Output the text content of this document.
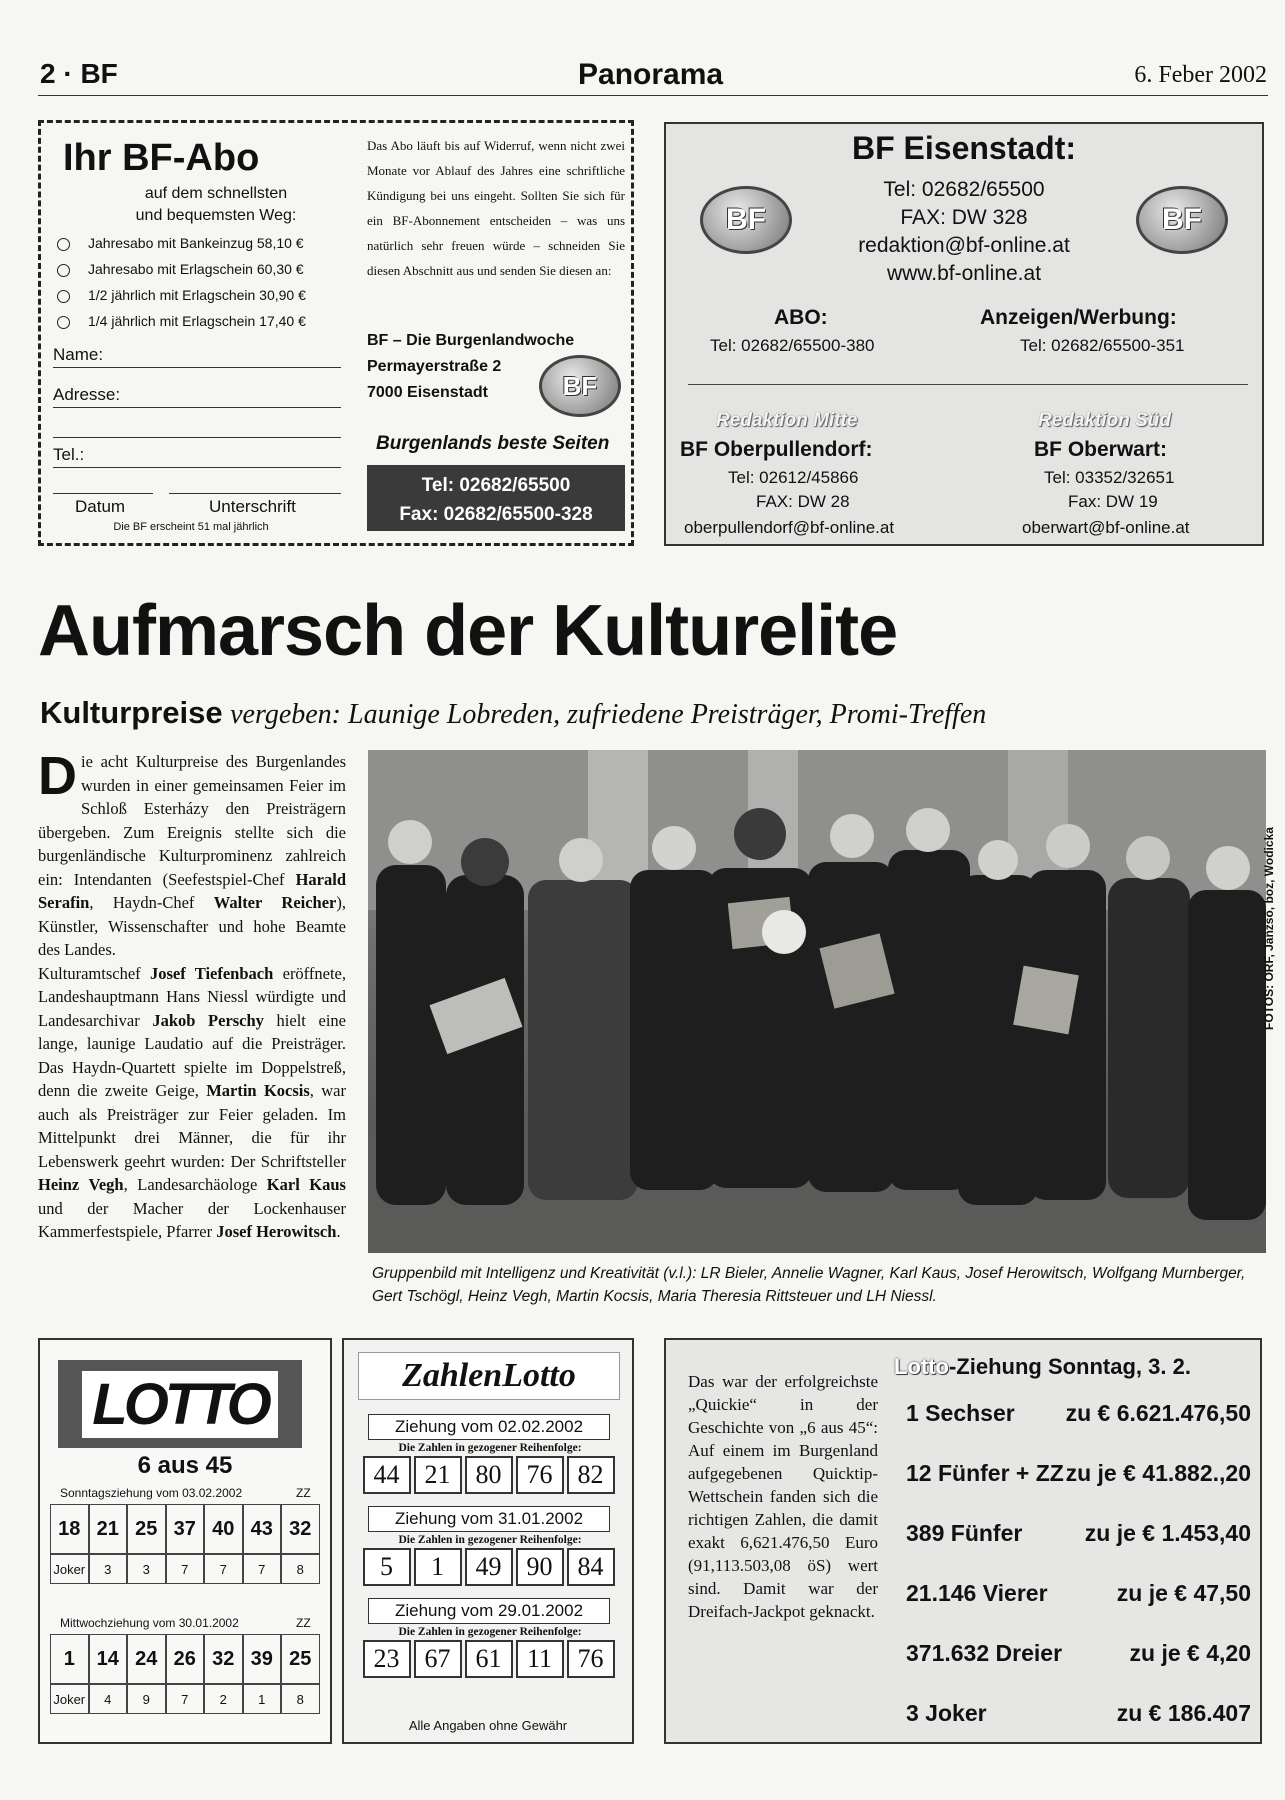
2 · BF	Panorama	6. Feber 2002
Ihr BF-Abo
auf dem schnellsten
und bequemsten Weg:
Jahresabo mit Bankeinzug 58,10 €
Jahresabo mit Erlagschein 60,30 €
1/2 jährlich mit Erlagschein 30,90 €
1/4 jährlich mit Erlagschein 17,40 €
Name:
Adresse:
Tel.:
Datum	Unterschrift
Die BF erscheint 51 mal jährlich
Das Abo läuft bis auf Widerruf, wenn nicht zwei Monate vor Ablauf des Jahres eine schriftliche Kündigung bei uns eingeht. Sollten Sie sich für ein BF-Abonnement entscheiden – was uns natürlich sehr freuen würde – schneiden Sie diesen Abschnitt aus und senden Sie diesen an:
BF – Die Burgenlandwoche
Permayerstraße 2
7000 Eisenstadt	BF
Burgenlands beste Seiten
Tel: 02682/65500
Fax: 02682/65500-328
BF Eisenstadt:
BF	BF
Tel: 02682/65500
FAX: DW 328
redaktion@bf-online.at
www.bf-online.at
ABO:
Tel: 02682/65500-380
Anzeigen/Werbung:
Tel: 02682/65500-351
Redaktion Mitte
BF Oberpullendorf:
Tel: 02612/45866
FAX: DW 28
oberpullendorf@bf-online.at
Redaktion Süd
BF Oberwart:
Tel: 03352/32651
Fax: DW 19
oberwart@bf-online.at
Aufmarsch der Kulturelite
Kulturpreise vergeben: Launige Lobreden, zufriedene Preisträger, Promi-Treffen
Die acht Kulturpreise des Burgenlandes wurden in einer gemeinsamen Feier im Schloß Esterházy den Preisträgern übergeben. Zum Ereignis stellte sich die burgenländische Kulturprominenz zahlreich ein: Intendanten (Seefestspiel-Chef Harald Serafin, Haydn-Chef Walter Reicher), Künstler, Wissenschafter und hohe Beamte des Landes.
Kulturamtschef Josef Tiefenbach eröffnete, Landeshauptmann Hans Niessl würdigte und Landesarchivar Jakob Perschy hielt eine lange, launige Laudatio auf die Preisträger. Das Haydn-Quartett spielte im Doppelstreß, denn die zweite Geige, Martin Kocsis, war auch als Preisträger zur Feier geladen. Im Mittelpunkt drei Männer, die für ihr Lebenswerk geehrt wurden: Der Schriftsteller Heinz Vegh, Landesarchäologe Karl Kaus und der Macher der Lockenhauser Kammerfestspiele, Pfarrer Josef Herowitsch.
FOTOS: ORF, Janzso, boz, Wodicka
Gruppenbild mit Intelligenz und Kreativität (v.l.): LR Bieler, Annelie Wagner, Karl Kaus, Josef Herowitsch, Wolfgang Murnberger, Gert Tschögl, Heinz Vegh, Martin Kocsis, Maria Theresia Rittsteuer und LH Niessl.
LOTTO
6 aus 45
Sonntagsziehung vom 03.02.2002	ZZ
18 21 25 37 40 43 32
Joker	3	3	7	7	7	8
Mittwochziehung vom 30.01.2002	ZZ
1	14 24 26 32 39 25
Joker	4	9	7	2	1	8
ZahlenLotto
Ziehung vom 02.02.2002
Die Zahlen in gezogener Reihenfolge:
44 21 80 76 82
Ziehung vom 31.01.2002
Die Zahlen in gezogener Reihenfolge:
5	1	49 90 84
Ziehung vom 29.01.2002
Die Zahlen in gezogener Reihenfolge:
23 67 61 11 76
Alle Angaben ohne Gewähr
Das war der erfolgreichste „Quickie“ in der Geschichte von „6 aus 45“: Auf einem im Burgenland aufgegebenen Quicktip-Wettschein fanden sich die richtigen Zahlen, die damit exakt 6,621.476,50 Euro (91,113.503,08 öS) wert sind. Damit war der Dreifach-Jackpot geknackt.
Lotto-Ziehung Sonntag, 3. 2.
1 Sechser zu € 6.621.476,50
12 Fünfer + ZZ zu je € 41.882.,20
389 Fünfer	zu je € 1.453,40
21.146 Vierer	zu je € 47,50
371.632 Dreier	zu je € 4,20
3 Joker	zu € 186.407
